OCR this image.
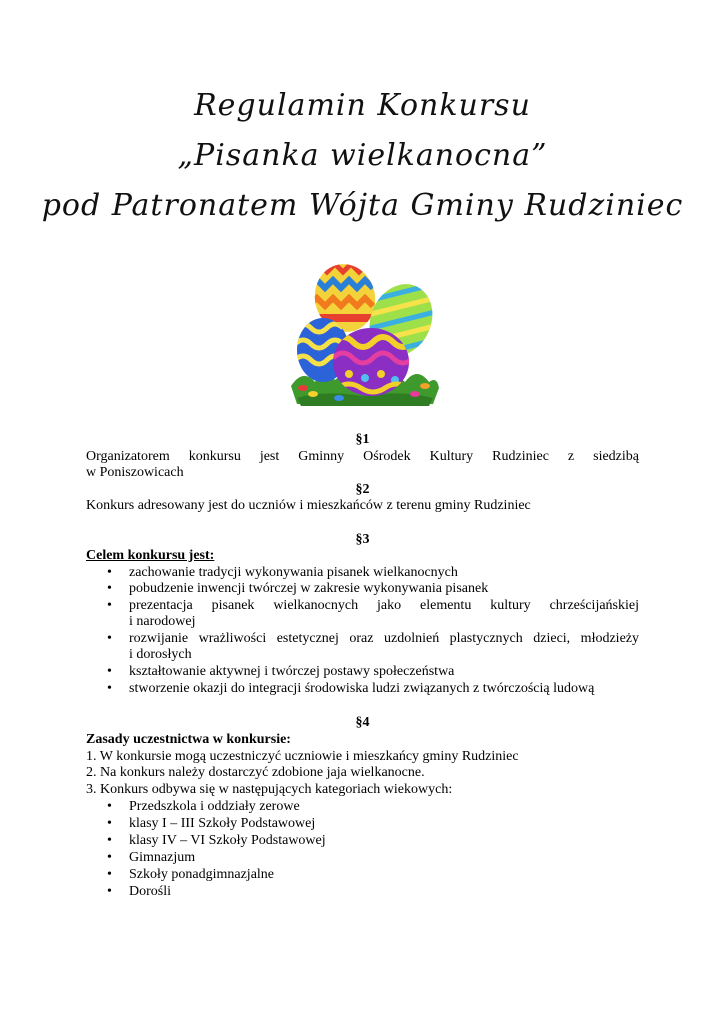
Regulamin Konkursu
„Pisanka wielkanocna”
pod Patronatem Wójta Gminy Rudziniec
§1
Organizatorem konkursu jest Gminny Ośrodek Kultury Rudziniec z siedzibą
w Poniszowicach
§2
Konkurs adresowany jest do uczniów i mieszkańców z terenu gminy Rudziniec
§3
Celem konkursu jest:
• zachowanie tradycji wykonywania pisanek wielkanocnych
• pobudzenie inwencji twórczej w zakresie wykonywania pisanek
• prezentacja pisanek wielkanocnych jako elementu kultury chrześcijańskiej
i narodowej
• rozwijanie wrażliwości estetycznej oraz uzdolnień plastycznych dzieci, młodzieży
i dorosłych
• kształtowanie aktywnej i twórczej postawy społeczeństwa
• stworzenie okazji do integracji środowiska ludzi związanych z twórczością ludową
§4
Zasady uczestnictwa w konkursie:
1. W konkursie mogą uczestniczyć uczniowie i mieszkańcy gminy Rudziniec
2. Na konkurs należy dostarczyć zdobione jaja wielkanocne.
3. Konkurs odbywa się w następujących kategoriach wiekowych:
• Przedszkola i oddziały zerowe
• klasy I – III Szkoły Podstawowej
• klasy IV – VI Szkoły Podstawowej
• Gimnazjum
• Szkoły ponadgimnazjalne
• Dorośli
